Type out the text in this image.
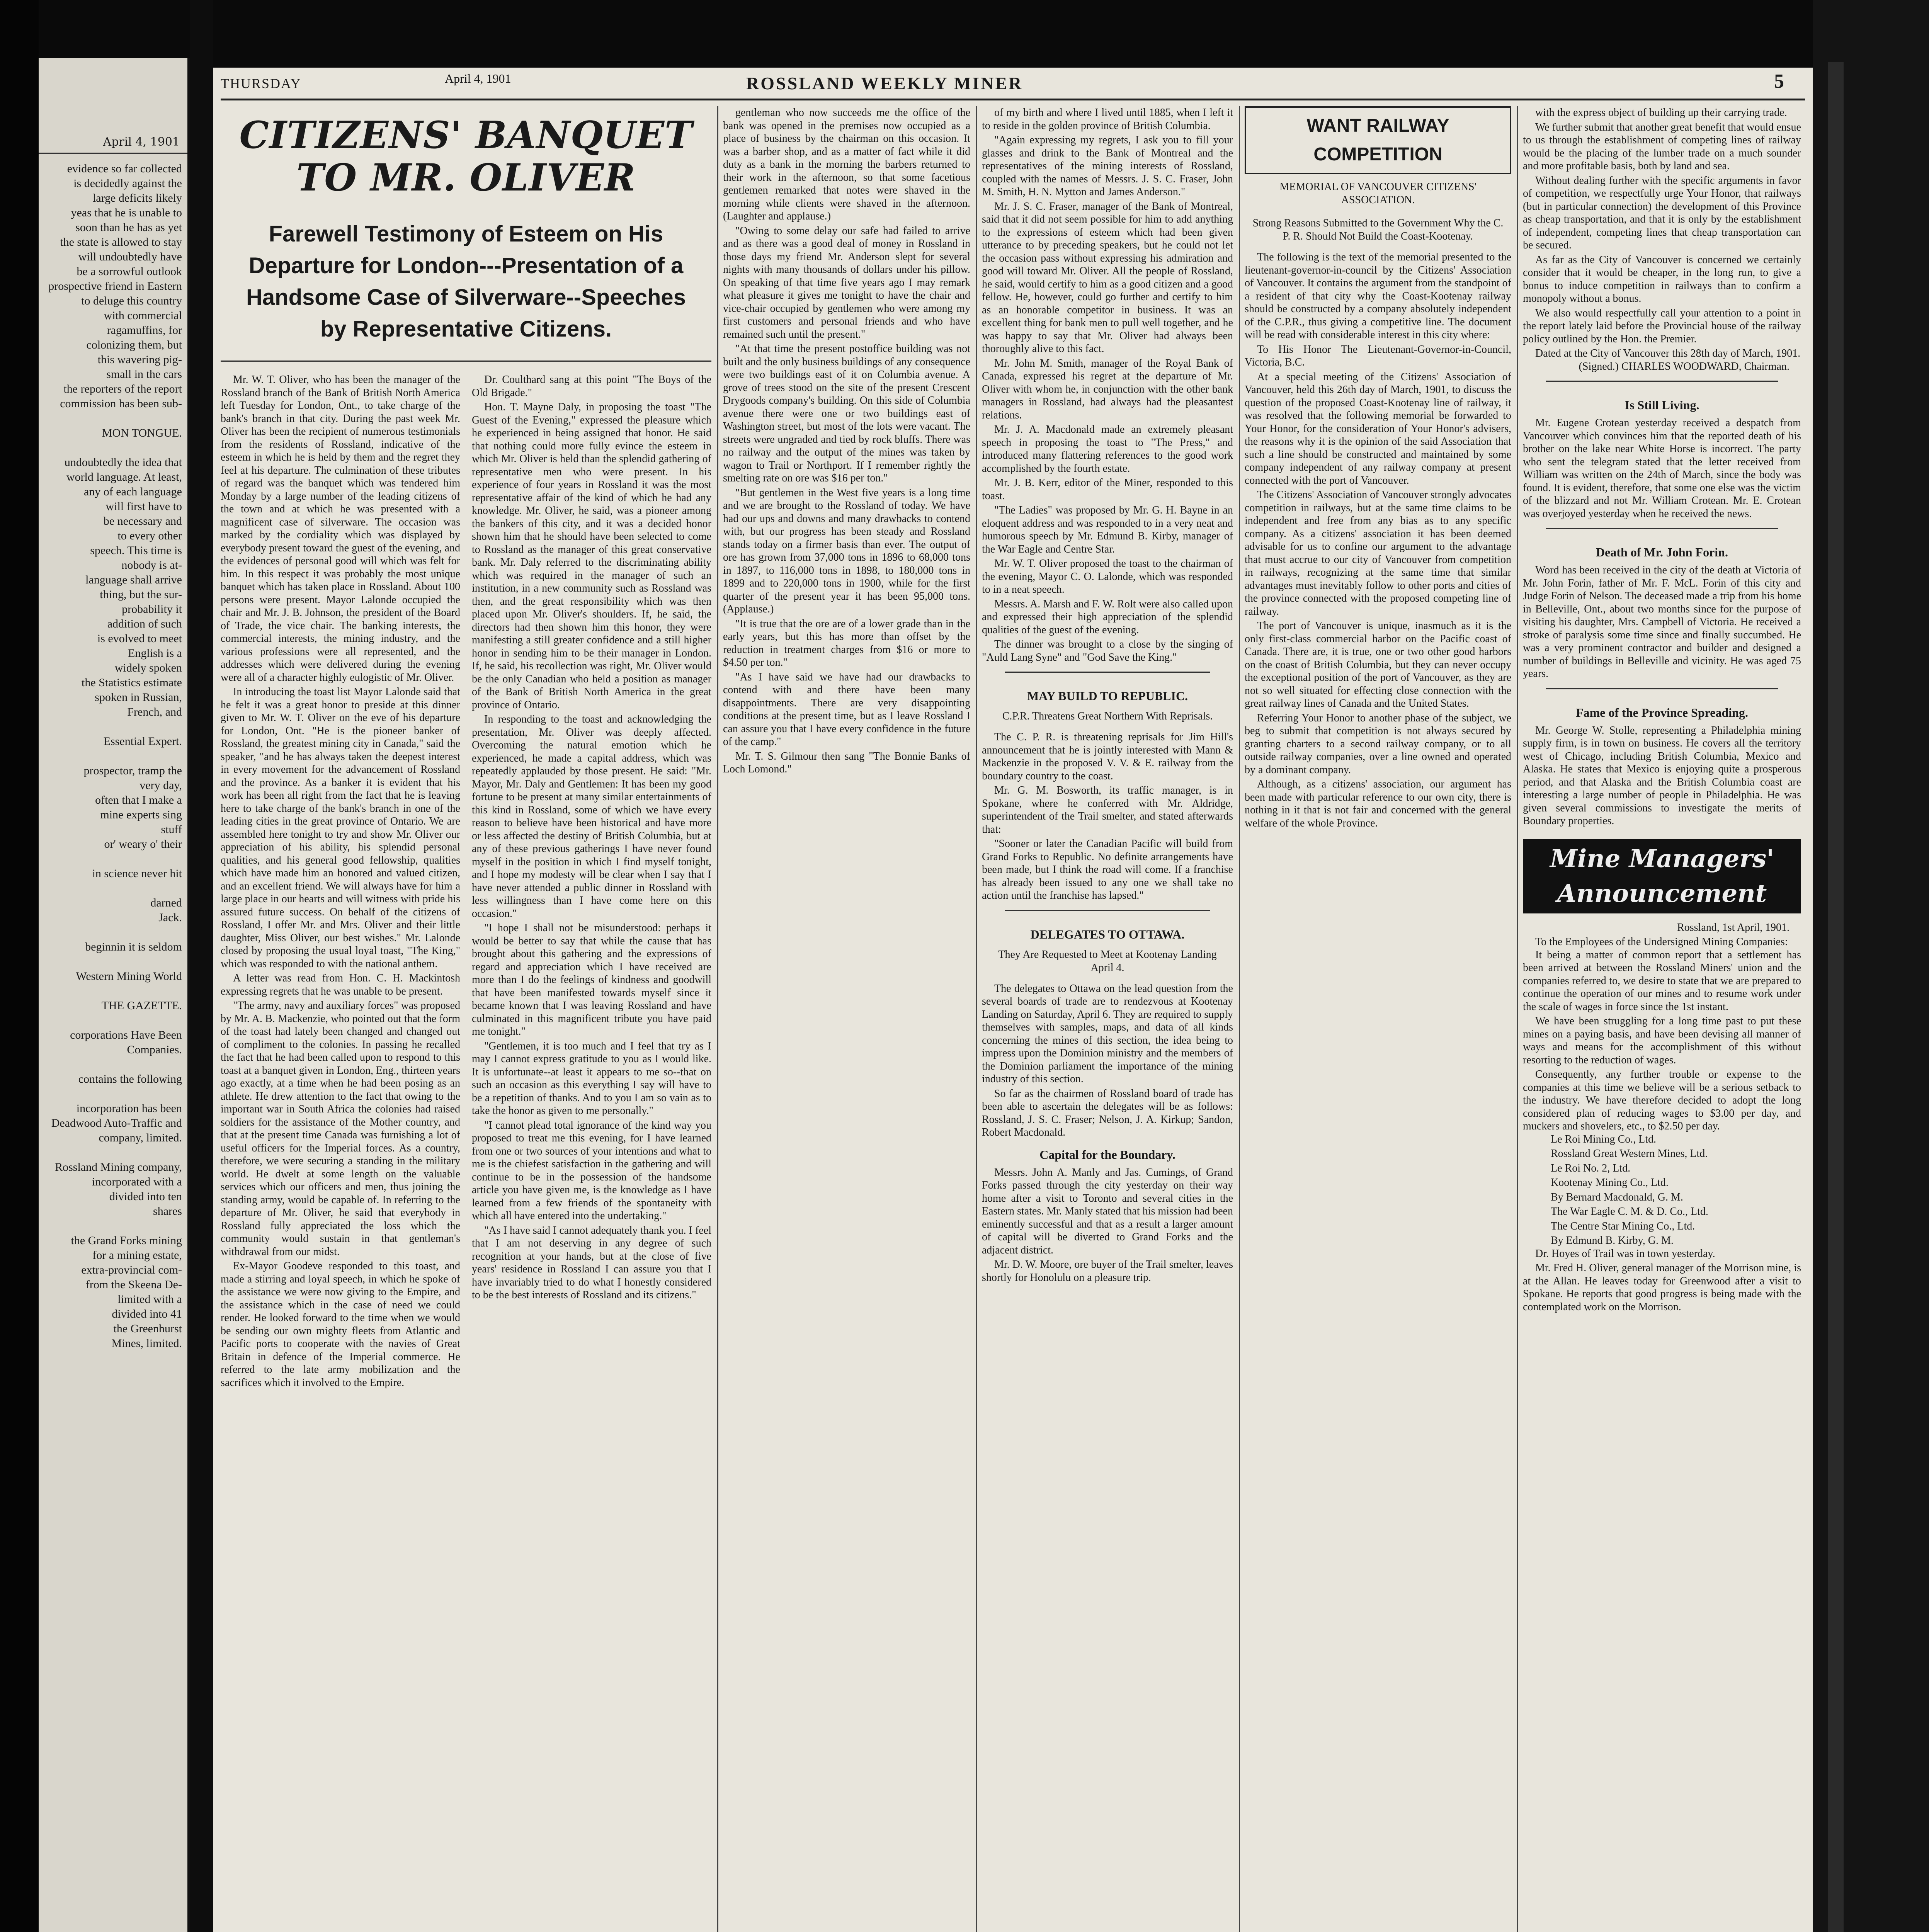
April 4, 1901
evidence so far collected
is decidedly against the
large deficits likely
yeas that he is unable to
soon than he has as yet
the state is allowed to stay
will undoubtedly have
be a sorrowful outlook
prospective friend in Eastern
to deluge this country
with commercial ragamuffins, for
colonizing them, but
this wavering pig-
small in the cars
the reporters of the report
commission has been sub-

MON TONGUE.

undoubtedly the idea that
world language. At least,
any of each language
will first have to
be necessary and
to every other
speech. This time is
nobody is at-
language shall arrive
thing, but the sur-
probability it
addition of such
is evolved to meet
English is a
widely spoken
the Statistics estimate
spoken in Russian,
French, and

Essential Expert.

prospector, tramp the
very day,
often that I make a
mine experts sing
stuff
or' weary o' their

in science never hit

darned
Jack.

beginnin it is seldom

Western Mining World

THE GAZETTE.

corporations Have Been
Companies.

contains the following

incorporation has been
Deadwood Auto-Traffic and
company, limited.

Rossland Mining company,
incorporated with a
divided into ten
shares

the Grand Forks mining
for a mining estate,
extra-provincial com-
from the Skeena De-
limited with a
divided into 41
the Greenhurst
Mines, limited.
THURSDAY	April 4, 1901	ROSSLAND WEEKLY MINER	5
CITIZENS' BANQUET TO MR. OLIVER
Farewell Testimony of Esteem on His Departure for London---Presentation of a Handsome Case of Silverware--Speeches by Representative Citizens.

Mr. W. T. Oliver, who has been the manager of the Rossland branch of the Bank of British North America left Tuesday for London, Ont., to take charge of the bank's branch in that city. During the past week Mr. Oliver has been the recipient of numerous testimonials from the residents of Rossland, indicative of the esteem in which he is held by them and the regret they feel at his departure. The culmination of these tributes of regard was the banquet which was tendered him Monday by a large number of the leading citizens of the town and at which he was presented with a magnificent case of silverware. The occasion was marked by the cordiality which was displayed by everybody present toward the guest of the evening, and the evidences of personal good will which was felt for him. In this respect it was probably the most unique banquet which has taken place in Rossland. About 100 persons were present. Mayor Lalonde occupied the chair and Mr. J. B. Johnson, the president of the Board of Trade, the vice chair. The banking interests, the commercial interests, the mining industry, and the various professions were all represented, and the addresses which were delivered during the evening were all of a character highly eulogistic of Mr. Oliver.

In introducing the toast list Mayor Lalonde said that he felt it was a great honor to preside at this dinner given to Mr. W. T. Oliver on the eve of his departure for London, Ont. "He is the pioneer banker of Rossland, the greatest mining city in Canada," said the speaker, "and he has always taken the deepest interest in every movement for the advancement of Rossland and the province. As a banker it is evident that his work has been all right from the fact that he is leaving here to take charge of the bank's branch in one of the leading cities in the great province of Ontario. We are assembled here tonight to try and show Mr. Oliver our appreciation of his ability, his splendid personal qualities, and his general good fellowship, qualities which have made him an honored and valued citizen, and an excellent friend. We will always have for him a large place in our hearts and will witness with pride his assured future success. On behalf of the citizens of Rossland, I offer Mr. and Mrs. Oliver and their little daughter, Miss Oliver, our best wishes." Mr. Lalonde closed by proposing the usual loyal toast, "The King," which was responded to with the national anthem.

A letter was read from Hon. C. H. Mackintosh expressing regrets that he was unable to be present.

"The army, navy and auxiliary forces" was proposed by Mr. A. B. Mackenzie, who pointed out that the form of the toast had lately been changed and changed out of compliment to the colonies. In passing he recalled the fact that he had been called upon to respond to this toast at a banquet given in London, Eng., thirteen years ago exactly, at a time when he had been posing as an athlete. He drew attention to the fact that owing to the important war in South Africa the colonies had raised soldiers for the assistance of the Mother country, and that at the present time Canada was furnishing a lot of useful officers for the Imperial forces. As a country, therefore, we were securing a standing in the military world. He dwelt at some length on the valuable services which our officers and men, thus joining the standing army, would be capable of. In referring to the departure of Mr. Oliver, he said that everybody in Rossland fully appreciated the loss which the community would sustain in that gentleman's withdrawal from our midst.

Ex-Mayor Goodeve responded to this toast, and made a stirring and loyal speech, in which he spoke of the assistance we were now giving to the Empire, and the assistance which in the case of need we could render. He looked forward to the time when we would be sending our own mighty fleets from Atlantic and Pacific ports to cooperate with the navies of Great Britain in defence of the Imperial commerce. He referred to the late army mobilization and the sacrifices which it involved to the Empire.

Dr. Coulthard sang at this point "The Boys of the Old Brigade."

Hon. T. Mayne Daly, in proposing the toast "The Guest of the Evening," expressed the pleasure which he experienced in being assigned that honor. He said that nothing could more fully evince the esteem in which Mr. Oliver is held than the splendid gathering of representative men who were present. In his experience of four years in Rossland it was the most representative affair of the kind of which he had any knowledge. Mr. Oliver, he said, was a pioneer among the bankers of this city, and it was a decided honor shown him that he should have been selected to come to Rossland as the manager of this great conservative bank. Mr. Daly referred to the discriminating ability which was required in the manager of such an institution, in a new community such as Rossland was then, and the great responsibility which was then placed upon Mr. Oliver's shoulders. If, he said, the directors had then shown him this honor, they were manifesting a still greater confidence and a still higher honor in sending him to be their manager in London. If, he said, his recollection was right, Mr. Oliver would be the only Canadian who held a position as manager of the Bank of British North America in the great province of Ontario.

In responding to the toast and acknowledging the presentation, Mr. Oliver was deeply affected. Overcoming the natural emotion which he experienced, he made a capital address, which was repeatedly applauded by those present. He said: "Mr. Mayor, Mr. Daly and Gentlemen: It has been my good fortune to be present at many similar entertainments of this kind in Rossland, some of which we have every reason to believe have been historical and have more or less affected the destiny of British Columbia, but at any of these previous gatherings I have never found myself in the position in which I find myself tonight, and I hope my modesty will be clear when I say that I have never attended a public dinner in Rossland with less willingness than I have come here on this occasion."

"I hope I shall not be misunderstood: perhaps it would be better to say that while the cause that has brought about this gathering and the expressions of regard and appreciation which I have received are more than I do the feelings of kindness and goodwill that have been manifested towards myself since it became known that I was leaving Rossland and have culminated in this magnificent tribute you have paid me tonight."

"Gentlemen, it is too much and I feel that try as I may I cannot express gratitude to you as I would like. It is unfortunate--at least it appears to me so--that on such an occasion as this everything I say will have to be a repetition of thanks. And to you I am so vain as to take the honor as given to me personally."

"I cannot plead total ignorance of the kind way you proposed to treat me this evening, for I have learned from one or two sources of your intentions and what to me is the chiefest satisfaction in the gathering and will continue to be in the possession of the handsome article you have given me, is the knowledge as I have learned from a few friends of the spontaneity with which all have entered into the undertaking."

"As I have said I cannot adequately thank you. I feel that I am not deserving in any degree of such recognition at your hands, but at the close of five years' residence in Rossland I can assure you that I have invariably tried to do what I honestly considered to be the best interests of Rossland and its citizens."

gentleman who now succeeds me the office of the bank was opened in the premises now occupied as a place of business by the chairman on this occasion. It was a barber shop, and as a matter of fact while it did duty as a bank in the morning the barbers returned to their work in the afternoon, so that some facetious gentlemen remarked that notes were shaved in the morning while clients were shaved in the afternoon. (Laughter and applause.)

"Owing to some delay our safe had failed to arrive and as there was a good deal of money in Rossland in those days my friend Mr. Anderson slept for several nights with many thousands of dollars under his pillow. On speaking of that time five years ago I may remark what pleasure it gives me tonight to have the chair and vice-chair occupied by gentlemen who were among my first customers and personal friends and who have remained such until the present."

"At that time the present postoffice building was not built and the only business buildings of any consequence were two buildings east of it on Columbia avenue. A grove of trees stood on the site of the present Crescent Drygoods company's building. On this side of Columbia avenue there were one or two buildings east of Washington street, but most of the lots were vacant. The streets were ungraded and tied by rock bluffs. There was no railway and the output of the mines was taken by wagon to Trail or Northport. If I remember rightly the smelting rate on ore was $16 per ton."

"But gentlemen in the West five years is a long time and we are brought to the Rossland of today. We have had our ups and downs and many drawbacks to contend with, but our progress has been steady and Rossland stands today on a firmer basis than ever. The output of ore has grown from 37,000 tons in 1896 to 68,000 tons in 1897, to 116,000 tons in 1898, to 180,000 tons in 1899 and to 220,000 tons in 1900, while for the first quarter of the present year it has been 95,000 tons. (Applause.)

"It is true that the ore are of a lower grade than in the early years, but this has more than offset by the reduction in treatment charges from $16 or more to $4.50 per ton."

"As I have said we have had our drawbacks to contend with and there have been many disappointments. There are very disappointing conditions at the present time, but as I leave Rossland I can assure you that I have every confidence in the future of the camp."

Mr. T. S. Gilmour then sang "The Bonnie Banks of Loch Lomond."

of my birth and where I lived until 1885, when I left it to reside in the golden province of British Columbia.

"Again expressing my regrets, I ask you to fill your glasses and drink to the Bank of Montreal and the representatives of the mining interests of Rossland, coupled with the names of Messrs. J. S. C. Fraser, John M. Smith, H. N. Mytton and James Anderson."

Mr. J. S. C. Fraser, manager of the Bank of Montreal, said that it did not seem possible for him to add anything to the expressions of esteem which had been given utterance to by preceding speakers, but he could not let the occasion pass without expressing his admiration and good will toward Mr. Oliver. All the people of Rossland, he said, would certify to him as a good citizen and a good fellow. He, however, could go further and certify to him as an honorable competitor in business. It was an excellent thing for bank men to pull well together, and he was happy to say that Mr. Oliver had always been thoroughly alive to this fact.

Mr. John M. Smith, manager of the Royal Bank of Canada, expressed his regret at the departure of Mr. Oliver with whom he, in conjunction with the other bank managers in Rossland, had always had the pleasantest relations.

Mr. J. A. Macdonald made an extremely pleasant speech in proposing the toast to "The Press," and introduced many flattering references to the good work accomplished by the fourth estate.

Mr. J. B. Kerr, editor of the Miner, responded to this toast.

"The Ladies" was proposed by Mr. G. H. Bayne in an eloquent address and was responded to in a very neat and humorous speech by Mr. Edmund B. Kirby, manager of the War Eagle and Centre Star.

Mr. W. T. Oliver proposed the toast to the chairman of the evening, Mayor C. O. Lalonde, which was responded to in a neat speech.

Messrs. A. Marsh and F. W. Rolt were also called upon and expressed their high appreciation of the splendid qualities of the guest of the evening.

The dinner was brought to a close by the singing of "Auld Lang Syne" and "God Save the King."

MAY BUILD TO REPUBLIC.
C.P.R. Threatens Great Northern With Reprisals.

The C. P. R. is threatening reprisals for Jim Hill's announcement that he is jointly interested with Mann & Mackenzie in the proposed V. V. & E. railway from the boundary country to the coast.

Mr. G. M. Bosworth, its traffic manager, is in Spokane, where he conferred with Mr. Aldridge, superintendent of the Trail smelter, and stated afterwards that:

"Sooner or later the Canadian Pacific will build from Grand Forks to Republic. No definite arrangements have been made, but I think the road will come. If a franchise has already been issued to any one we shall take no action until the franchise has lapsed."

DELEGATES TO OTTAWA.
They Are Requested to Meet at Kootenay Landing April 4.

The delegates to Ottawa on the lead question from the several boards of trade are to rendezvous at Kootenay Landing on Saturday, April 6. They are required to supply themselves with samples, maps, and data of all kinds concerning the mines of this section, the idea being to impress upon the Dominion ministry and the members of the Dominion parliament the importance of the mining industry of this section.

So far as the chairmen of Rossland board of trade has been able to ascertain the delegates will be as follows: Rossland, J. S. C. Fraser; Nelson, J. A. Kirkup; Sandon, Robert Macdonald.

Capital for the Boundary.

Messrs. John A. Manly and Jas. Cumings, of Grand Forks passed through the city yesterday on their way home after a visit to Toronto and several cities in the Eastern states. Mr. Manly stated that his mission had been eminently successful and that as a result a larger amount of capital will be diverted to Grand Forks and the adjacent district.

Mr. D. W. Moore, ore buyer of the Trail smelter, leaves shortly for Honolulu on a pleasure trip.

WANT RAILWAY COMPETITION
MEMORIAL OF VANCOUVER CITIZENS' ASSOCIATION.
Strong Reasons Submitted to the Government Why the C. P. R. Should Not Build the Coast-Kootenay.

The following is the text of the memorial presented to the lieutenant-governor-in-council by the Citizens' Association of Vancouver. It contains the argument from the standpoint of a resident of that city why the Coast-Kootenay railway should be constructed by a company absolutely independent of the C.P.R., thus giving a competitive line. The document will be read with considerable interest in this city where:

To His Honor The Lieutenant-Governor-in-Council, Victoria, B.C.

At a special meeting of the Citizens' Association of Vancouver, held this 26th day of March, 1901, to discuss the question of the proposed Coast-Kootenay line of railway, it was resolved that the following memorial be forwarded to Your Honor, for the consideration of Your Honor's advisers, the reasons why it is the opinion of the said Association that such a line should be constructed and maintained by some company independent of any railway company at present connected with the port of Vancouver.

The Citizens' Association of Vancouver strongly advocates competition in railways, but at the same time claims to be independent and free from any bias as to any specific company. As a citizens' association it has been deemed advisable for us to confine our argument to the advantage that must accrue to our city of Vancouver from competition in railways, recognizing at the same time that similar advantages must inevitably follow to other ports and cities of the province connected with the proposed competing line of railway.

The port of Vancouver is unique, inasmuch as it is the only first-class commercial harbor on the Pacific coast of Canada. There are, it is true, one or two other good harbors on the coast of British Columbia, but they can never occupy the exceptional position of the port of Vancouver, as they are not so well situated for effecting close connection with the great railway lines of Canada and the United States.

Referring Your Honor to another phase of the subject, we beg to submit that competition is not always secured by granting charters to a second railway company, or to all outside railway companies, over a line owned and operated by a dominant company.

Although, as a citizens' association, our argument has been made with particular reference to our own city, there is nothing in it that is not fair and concerned with the general welfare of the whole Province.

with the express object of building up their carrying trade.

We further submit that another great benefit that would ensue to us through the establishment of competing lines of railway would be the placing of the lumber trade on a much sounder and more profitable basis, both by land and sea.

Without dealing further with the specific arguments in favor of competition, we respectfully urge Your Honor, that railways (but in particular connection) the development of this Province as cheap transportation, and that it is only by the establishment of independent, competing lines that cheap transportation can be secured.

As far as the City of Vancouver is concerned we certainly consider that it would be cheaper, in the long run, to give a bonus to induce competition in railways than to confirm a monopoly without a bonus.

We also would respectfully call your attention to a point in the report lately laid before the Provincial house of the railway policy outlined by the Hon. the Premier.

Dated at the City of Vancouver this 28th day of March, 1901.

(Signed.) CHARLES WOODWARD, Chairman.

Is Still Living.

Mr. Eugene Crotean yesterday received a despatch from Vancouver which convinces him that the reported death of his brother on the lake near White Horse is incorrect. The party who sent the telegram stated that the letter received from William was written on the 24th of March, since the body was found. It is evident, therefore, that some one else was the victim of the blizzard and not Mr. William Crotean. Mr. E. Crotean was overjoyed yesterday when he received the news.

Death of Mr. John Forin.

Word has been received in the city of the death at Victoria of Mr. John Forin, father of Mr. F. McL. Forin of this city and Judge Forin of Nelson. The deceased made a trip from his home in Belleville, Ont., about two months since for the purpose of visiting his daughter, Mrs. Campbell of Victoria. He received a stroke of paralysis some time since and finally succumbed. He was a very prominent contractor and builder and designed a number of buildings in Belleville and vicinity. He was aged 75 years.

Fame of the Province Spreading.

Mr. George W. Stolle, representing a Philadelphia mining supply firm, is in town on business. He covers all the territory west of Chicago, including British Columbia, Mexico and Alaska. He states that Mexico is enjoying quite a prosperous period, and that Alaska and the British Columbia coast are interesting a large number of people in Philadelphia. He was given several commissions to investigate the merits of Boundary properties.

Mine Managers' Announcement

Rossland, 1st April, 1901.

To the Employees of the Undersigned Mining Companies:

It being a matter of common report that a settlement has been arrived at between the Rossland Miners' union and the companies referred to, we desire to state that we are prepared to continue the operation of our mines and to resume work under the scale of wages in force since the 1st instant.

We have been struggling for a long time past to put these mines on a paying basis, and have been devising all manner of ways and means for the accomplishment of this without resorting to the reduction of wages.

Consequently, any further trouble or expense to the companies at this time we believe will be a serious setback to the industry. We have therefore decided to adopt the long considered plan of reducing wages to $3.00 per day, and muckers and shovelers, etc., to $2.50 per day.

Le Roi Mining Co., Ltd.

Rossland Great Western Mines, Ltd.

Le Roi No. 2, Ltd.

Kootenay Mining Co., Ltd.

By Bernard Macdonald, G. M.

The War Eagle C. M. & D. Co., Ltd.

The Centre Star Mining Co., Ltd.

By Edmund B. Kirby, G. M.

Dr. Hoyes of Trail was in town yesterday.

Mr. Fred H. Oliver, general manager of the Morrison mine, is at the Allan. He leaves today for Greenwood after a visit to Spokane. He reports that good progress is being made with the contemplated work on the Morrison.
